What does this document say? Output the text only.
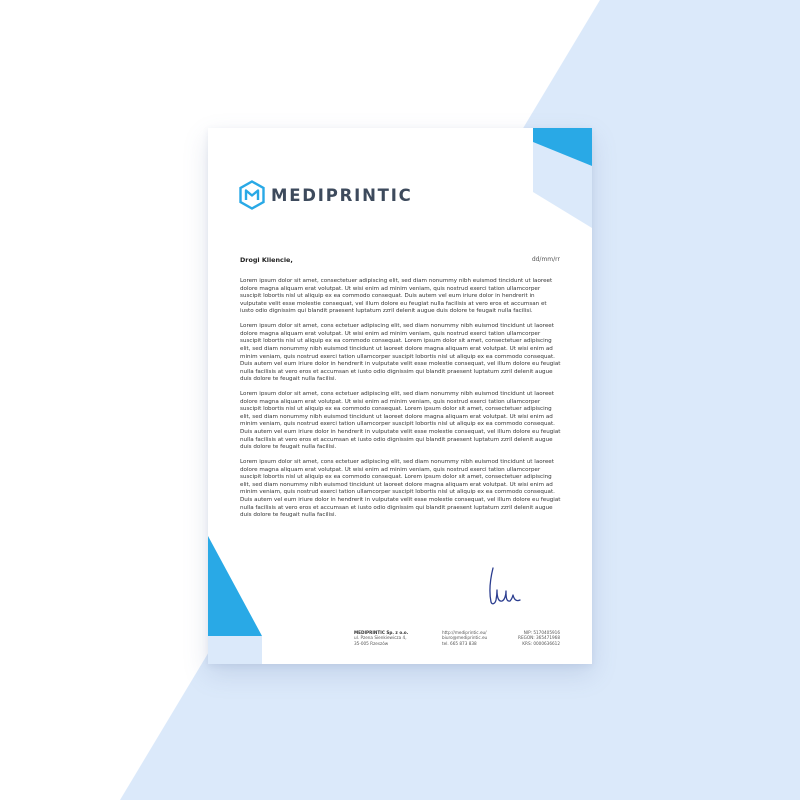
MEDIPRINTIC
Drogi Kliencie,	dd/mm/rr

Lorem ipsum dolor sit amet, consectetuer adipiscing elit, sed diam nonummy nibh euismod tincidunt ut laoreet dolore magna aliquam erat volutpat. Ut wisi enim ad minim veniam, quis nostrud exerci tation ullamcorper suscipit lobortis nisl ut aliquip ex ea commodo consequat. Duis autem vel eum iriure dolor in hendrerit in vulputate velit esse molestie consequat, vel illum dolore eu feugiat nulla facilisis at vero eros et accumsan et iusto odio dignissim qui blandit praesent luptatum zzril delenit augue duis dolore te feugait nulla facilisi.

Lorem ipsum dolor sit amet, cons ectetuer adipiscing elit, sed diam nonummy nibh euismod tincidunt ut laoreet dolore magna aliquam erat volutpat. Ut wisi enim ad minim veniam, quis nostrud exerci tation ullamcorper suscipit lobortis nisl ut aliquip ex ea commodo consequat. Lorem ipsum dolor sit amet, consectetuer adipiscing elit, sed diam nonummy nibh euismod tincidunt ut laoreet dolore magna aliquam erat volutpat. Ut wisi enim ad minim veniam, quis nostrud exerci tation ullamcorper suscipit lobortis nisl ut aliquip ex ea commodo consequat. Duis autem vel eum iriure dolor in hendrerit in vulputate velit esse molestie consequat, vel illum dolore eu feugiat nulla facilisis at vero eros et accumsan et iusto odio dignissim qui blandit praesent luptatum zzril delenit augue duis dolore te feugait nulla facilisi.

Lorem ipsum dolor sit amet, cons ectetuer adipiscing elit, sed diam nonummy nibh euismod tincidunt ut laoreet dolore magna aliquam erat volutpat. Ut wisi enim ad minim veniam, quis nostrud exerci tation ullamcorper suscipit lobortis nisl ut aliquip ex ea commodo consequat. Lorem ipsum dolor sit amet, consectetuer adipiscing elit, sed diam nonummy nibh euismod tincidunt ut laoreet dolore magna aliquam erat volutpat. Ut wisi enim ad minim veniam, quis nostrud exerci tation ullamcorper suscipit lobortis nisl ut aliquip ex ea commodo consequat. Duis autem vel eum iriure dolor in hendrerit in vulputate velit esse molestie consequat, vel illum dolore eu feugiat nulla facilisis at vero eros et accumsan et iusto odio dignissim qui blandit praesent luptatum zzril delenit augue duis dolore te feugait nulla facilisi.

Lorem ipsum dolor sit amet, cons ectetuer adipiscing elit, sed diam nonummy nibh euismod tincidunt ut laoreet dolore magna aliquam erat volutpat. Ut wisi enim ad minim veniam, quis nostrud exerci tation ullamcorper suscipit lobortis nisl ut aliquip ex ea commodo consequat. Lorem ipsum dolor sit amet, consectetuer adipiscing elit, sed diam nonummy nibh euismod tincidunt ut laoreet dolore magna aliquam erat volutpat. Ut wisi enim ad minim veniam, quis nostrud exerci tation ullamcorper suscipit lobortis nisl ut aliquip ex ea commodo consequat. Duis autem vel eum iriure dolor in hendrerit in vulputate velit esse molestie consequat, vel illum dolore eu feugiat nulla facilisis at vero eros et accumsan et iusto odio dignissim qui blandit praesent luptatum zzril delenit augue duis dolore te feugait nulla facilisi.

MEDIPRINTIC Sp. z o.o.
ul. Pzena Sienkiewicza 4,
35-005 Rzeszów
http://mediprintic.eu/
biuro@mediprintic.eu
tel. 665 873 838
NIP: 5170405916
REGON: 365471968
KRS: 0000636612
